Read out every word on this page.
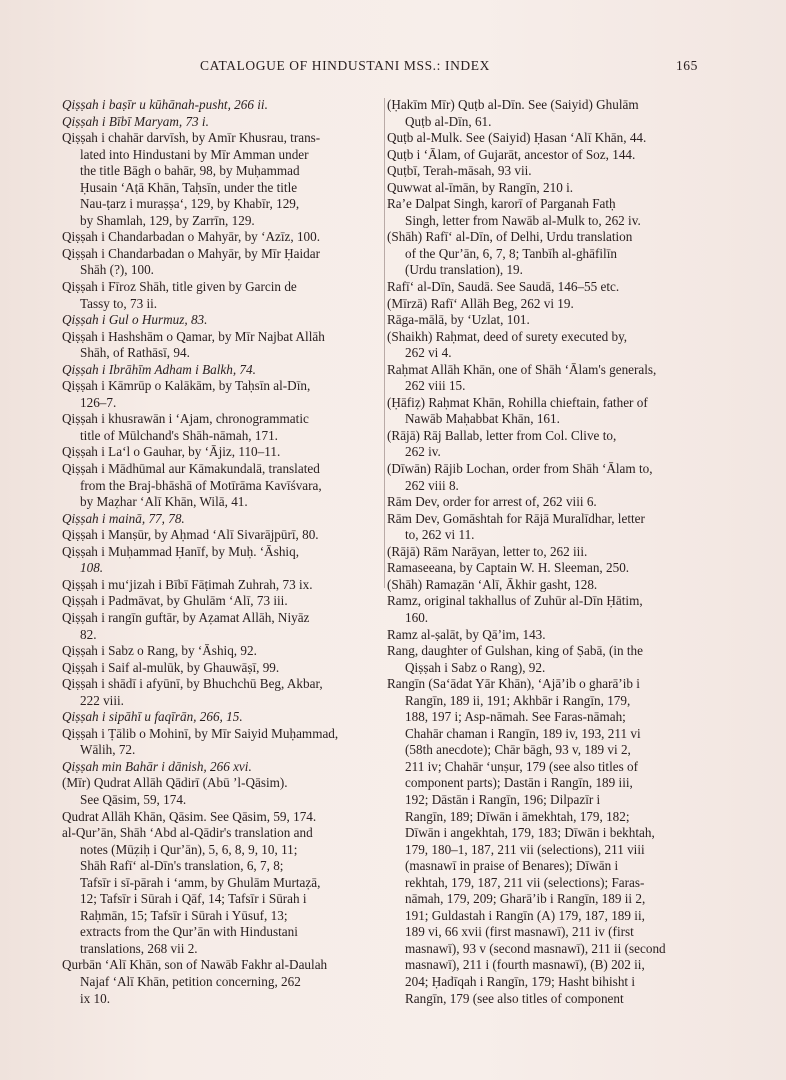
CATALOGUE OF HINDUSTANI MSS.: INDEX	165
Qiṣṣah i baṣīr u kūhānah-pusht, 266 ii.
Qiṣṣah i Bībī Maryam, 73 i.
Qiṣṣah i chahār darvīsh, by Amīr Khusrau, trans-
lated into Hindustani by Mīr Amman under
the title Bāgh o bahār, 98, by Muḥammad
Ḥusain ʻAṭā Khān, Taḥsīn, under the title
Nau-ṭarz i muraṣṣaʻ, 129, by Khabīr, 129,
by Shamlah, 129, by Zarrīn, 129.
Qiṣṣah i Chandarbadan o Mahyār, by ʻAzīz, 100.
Qiṣṣah i Chandarbadan o Mahyār, by Mīr Ḥaidar
Shāh (?), 100.
Qiṣṣah i Fīroz Shāh, title given by Garcin de
Tassy to, 73 ii.
Qiṣṣah i Gul o Hurmuz, 83.
Qiṣṣah i Hashshām o Qamar, by Mīr Najbat Allāh
Shāh, of Rathāsī, 94.
Qiṣṣah i Ibrāhīm Adham i Balkh, 74.
Qiṣṣah i Kāmrūp o Kalākām, by Taḥsīn al-Dīn,
126–7.
Qiṣṣah i khusrawān i ʻAjam, chronogrammatic
title of Mūlchand's Shāh-nāmah, 171.
Qiṣṣah i Laʻl o Gauhar, by ʻĀjiz, 110–11.
Qiṣṣah i Mādhūmal aur Kāmakundalā, translated
from the Braj-bhāshā of Motīrāma Kavīśvara,
by Maẓhar ʻAlī Khān, Wilā, 41.
Qiṣṣah i mainā, 77, 78.
Qiṣṣah i Manṣūr, by Aḥmad ʻAlī Sivarājpūrī, 80.
Qiṣṣah i Muḥammad Ḥanīf, by Muḥ. ʻĀshiq,
108.
Qiṣṣah i muʻjizah i Bībī Fāṭimah Zuhrah, 73 ix.
Qiṣṣah i Padmāvat, by Ghulām ʻAlī, 73 iii.
Qiṣṣah i rangīn guftār, by Aẓamat Allāh, Niyāz
82.
Qiṣṣah i Sabz o Rang, by ʻĀshiq, 92.
Qiṣṣah i Saif al-mulūk, by Ghauwāṣī, 99.
Qiṣṣah i shādī i afyūnī, by Bhuchchū Beg, Akbar,
222 viii.
Qiṣṣah i sipāhī u faqīrān, 266, 15.
Qiṣṣah i Ṭālib o Mohinī, by Mīr Saiyid Muḥammad,
Wālih, 72.
Qiṣṣah min Bahār i dānish, 266 xvi.
(Mīr) Qudrat Allāh Qādirī (Abū ʼl-Qāsim).
See Qāsim, 59, 174.
Qudrat Allāh Khān, Qāsim. See Qāsim, 59, 174.
al-Qurʼān, Shāh ʻAbd al-Qādir's translation and
notes (Mūẓiḥ i Qurʼān), 5, 6, 8, 9, 10, 11;
Shāh Rafīʻ al-Dīn's translation, 6, 7, 8;
Tafsīr i sī-pārah i ʻamm, by Ghulām Murtaẓā,
12; Tafsīr i Sūrah i Qāf, 14; Tafsīr i Sūrah i
Raḥmān, 15; Tafsīr i Sūrah i Yūsuf, 13;
extracts from the Qurʼān with Hindustani
translations, 268 vii 2.
Qurbān ʻAlī Khān, son of Nawāb Fakhr al-Daulah
Najaf ʻAlī Khān, petition concerning, 262
ix 10.
(Ḥakīm Mīr) Quṭb al-Dīn. See (Saiyid) Ghulām
Quṭb al-Dīn, 61.
Quṭb al-Mulk. See (Saiyid) Ḥasan ʻAlī Khān, 44.
Quṭb i ʻĀlam, of Gujarāt, ancestor of Soz, 144.
Quṭbī, Terah-māsah, 93 vii.
Quwwat al-īmān, by Rangīn, 210 i.
Raʼe Dalpat Singh, karorī of Parganah Fatḥ
Singh, letter from Nawāb al-Mulk to, 262 iv.
(Shāh) Rafīʻ al-Dīn, of Delhi, Urdu translation
of the Qurʼān, 6, 7, 8; Tanbīh al-ghāfilīn
(Urdu translation), 19.
Rafīʻ al-Dīn, Saudā. See Saudā, 146–55 etc.
(Mīrzā) Rafīʻ Allāh Beg, 262 vi 19.
Rāga-mālā, by ʻUzlat, 101.
(Shaikh) Raḥmat, deed of surety executed by,
262 vi 4.
Raḥmat Allāh Khān, one of Shāh ʻĀlam's generals,
262 viii 15.
(Ḥāfiẓ) Raḥmat Khān, Rohilla chieftain, father of
Nawāb Maḥabbat Khān, 161.
(Rājā) Rāj Ballab, letter from Col. Clive to,
262 iv.
(Dīwān) Rājib Lochan, order from Shāh ʻĀlam to,
262 viii 8.
Rām Dev, order for arrest of, 262 viii 6.
Rām Dev, Gomāshtah for Rājā Muralīdhar, letter
to, 262 vi 11.
(Rājā) Rām Narāyan, letter to, 262 iii.
Ramaseeana, by Captain W. H. Sleeman, 250.
(Shāh) Ramaẓān ʻAlī, Ākhir gasht, 128.
Ramz, original takhallus of Zuhūr al-Dīn Ḥātim,
160.
Ramz al-ṣalāt, by Qāʼim, 143.
Rang, daughter of Gulshan, king of Ṣabā, (in the
Qiṣṣah i Sabz o Rang), 92.
Rangīn (Saʻādat Yār Khān), ʻAjāʼib o gharāʼib i
Rangīn, 189 ii, 191; Akhbār i Rangīn, 179,
188, 197 i; Asp-nāmah. See Faras-nāmah;
Chahār chaman i Rangīn, 189 iv, 193, 211 vi
(58th anecdote); Chār bāgh, 93 v, 189 vi 2,
211 iv; Chahār ʻunṣur, 179 (see also titles of
component parts); Dastān i Rangīn, 189 iii,
192; Dāstān i Rangīn, 196; Dilpazīr i
Rangīn, 189; Dīwān i āmekhtah, 179, 182;
Dīwān i angekhtah, 179, 183; Dīwān i bekhtah,
179, 180–1, 187, 211 vii (selections), 211 viii
(masnawī in praise of Benares); Dīwān i
rekhtah, 179, 187, 211 vii (selections); Faras-
nāmah, 179, 209; Gharāʼib i Rangīn, 189 ii 2,
191; Guldastah i Rangīn (A) 179, 187, 189 ii,
189 vi, 66 xvii (first masnawī), 211 iv (first
masnawī), 93 v (second masnawī), 211 ii (second
masnawī), 211 i (fourth masnawī), (B) 202 ii,
204; Ḥadīqah i Rangīn, 179; Hasht bihisht i
Rangīn, 179 (see also titles of component
